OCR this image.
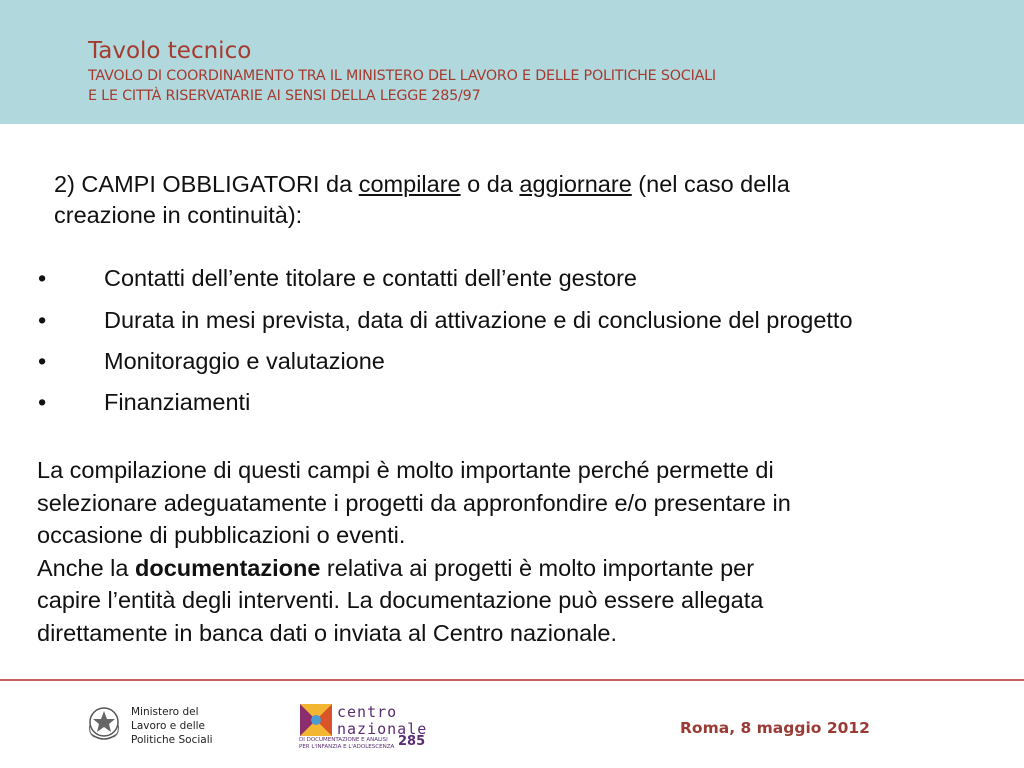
Tavolo tecnico
TAVOLO DI COORDINAMENTO TRA IL MINISTERO DEL LAVORO E DELLE POLITICHE SOCIALI
E LE CITTÀ RISERVATARIE AI SENSI DELLA LEGGE 285/97
2) CAMPI OBBLIGATORI da compilare o da aggiornare (nel caso della
creazione in continuità):
• Contatti dell’ente titolare e contatti dell’ente gestore
• Durata in mesi prevista, data di attivazione e di conclusione del progetto
• Monitoraggio e valutazione
• Finanziamenti
La compilazione di questi campi è molto importante perché permette di
selezionare adeguatamente i progetti da appronfondire e/o presentare in
occasione di pubblicazioni o eventi.
Anche la documentazione relativa ai progetti è molto importante per
capire l’entità degli interventi. La documentazione può essere allegata
direttamente in banca dati o inviata al Centro nazionale.
Ministero del
Lavoro e delle
Politiche Sociali
centro
nazionale
DI DOCUMENTAZIONE E ANALISI
PER L'INFANZIA E L'ADOLESCENZA 285
Roma, 8 maggio 2012
